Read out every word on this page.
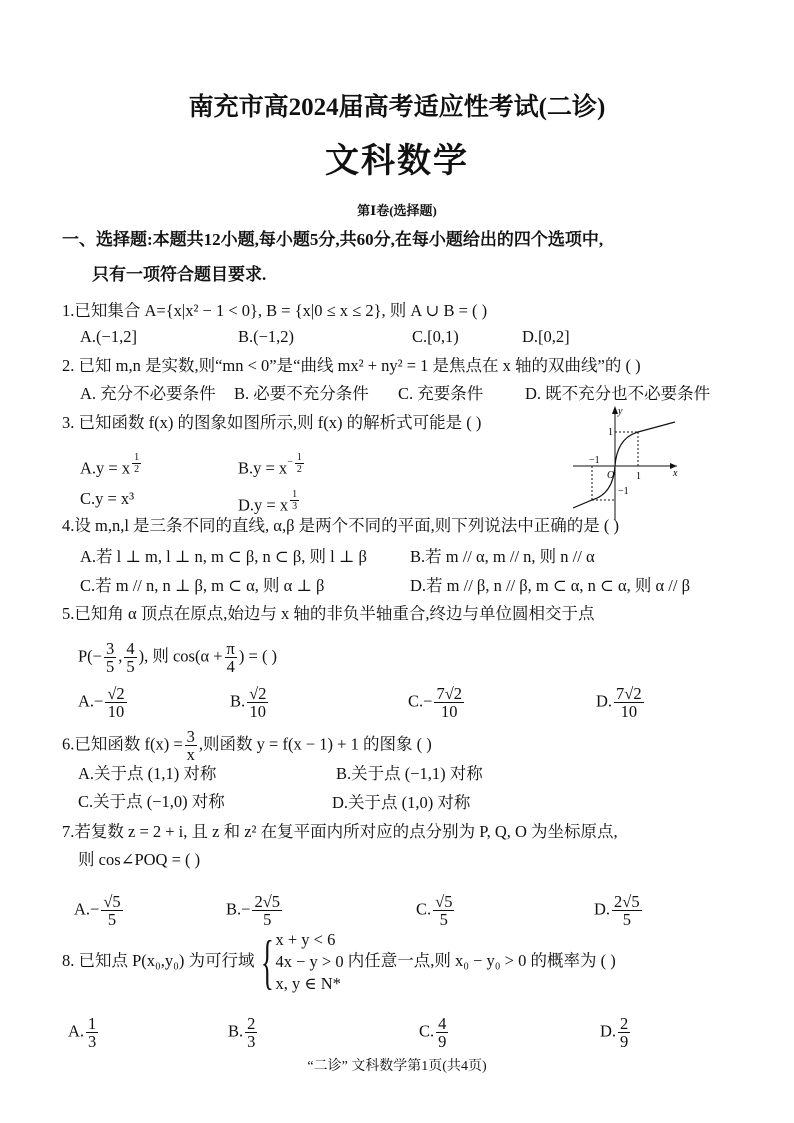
南充市高2024届高考适应性考试(二诊)
文科数学
第Ⅰ卷(选择题)
一、选择题:本题共12小题,每小题5分,共60分,在每小题给出的四个选项中,
只有一项符合题目要求.
1.已知集合 A={x|x² − 1 < 0}, B = {x|0 ≤ x ≤ 2}, 则 A ∪ B = ( )
A.(−1,2]	B.(−1,2)	C.[0,1)	D.[0,2]
2. 已知 m,n 是实数,则“mn < 0”是“曲线 mx² + ny² = 1 是焦点在 x 轴的双曲线”的 ( )
A. 充分不必要条件 B. 必要不充分条件 C. 充要条件	D. 既不充分也不必要条件
3. 已知函数 f(x) 的图象如图所示,则 f(x) 的解析式可能是 ( )
A.y = x $\frac{1}{2}$	$B.y = x- \frac{1}{2}$
C.y = x³	D.y = x $\frac{1}{3}$
y
x
O 1
−1
1
−1
4.设 m,n,l 是三条不同的直线, α,β 是两个不同的平面,则下列说法中正确的是 ( )
A.若 l ⊥ m, l ⊥ n, m ⊂ β, n ⊂ β, 则 l ⊥ β	B.若 m // α, m // n, 则 n // α
C.若 m // n, n ⊥ β, m ⊂ α, 则 α ⊥ β	D.若 m // β, n // β, m ⊂ α, n ⊂ α, 则 α // β
5.已知角 α 顶点在原点,始边与 x 轴的非负半轴重合,终边与单位圆相交于点
$P(- \frac{3}{5}$ , $\frac{4}{5}$ ), 则 $\cos(\alpha + \frac{\pi}{4}$ ) = ( )
$A.- \frac{√2}{10}$	B. $\frac{√2}{10}$	$C.- \frac{7√2}{10}$	D. $\frac{7√2}{10}$
6.已知函数 $f(x) = \frac{3}{x}$ ,则函数 y = f(x − 1) + 1 的图象 ( )
A.关于点 (1,1) 对称	B.关于点 (−1,1) 对称
C.关于点 (−1,0) 对称	D.关于点 (1,0) 对称
7.若复数 z = 2 + i, 且 z 和 z² 在复平面内所对应的点分别为 P, Q, O 为坐标原点,
则 cos∠POQ = ( )
$A.- \frac{√5}{5}$	$B.- \frac{2√5}{5}$	C. $\frac{√5}{5}$	D. $\frac{2√5}{5}$
8. 已知点 P(x₀,y₀) 为可行域 { x + y < 6
4x − y > 0
x, y ∈ N*
内任意一点,则 x₀ − y₀ > 0 的概率为 ( )
A. $\frac{1}{3}$	B. $\frac{2}{3}$	C. $\frac{4}{9}$	D. $\frac{2}{9}$
“二诊” 文科数学第1页(共4页)
